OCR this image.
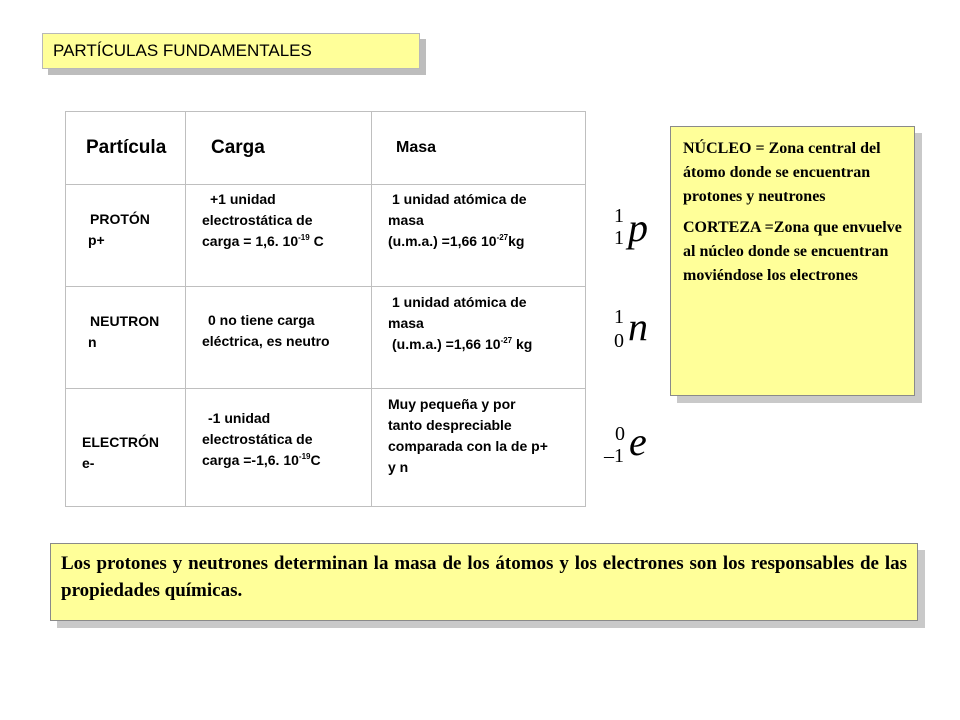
PARTÍCULAS FUNDAMENTALES
Partícula Carga	Masa
PROTÓN
p+
+1 unidad
electrostática de
carga = 1,6. $10^{-19}$ C
1 unidad atómica de
masa
(u.m.a.) =1,66 $10^{-27}kg$
NEUTRON
n
0 no tiene carga
eléctrica, es neutro
1 unidad atómica de
masa
(u.m.a.) =1,66 $10^{-27}$ kg
ELECTRÓN
e-
-1 unidad
electrostática de
carga =-1,6. $10^{-19}C$
Muy pequeña y por
tanto despreciable
comparada con la de p+
y n
1
1 p
1
0 n
0
–1 e

NÚCLEO = Zona central del átomo donde se encuentran protones y neutrones

CORTEZA =Zona que envuelve al núcleo donde se encuentran moviéndose los electrones

Los protones y neutrones determinan la masa de los átomos y los electrones son los responsables de las propiedades químicas.
